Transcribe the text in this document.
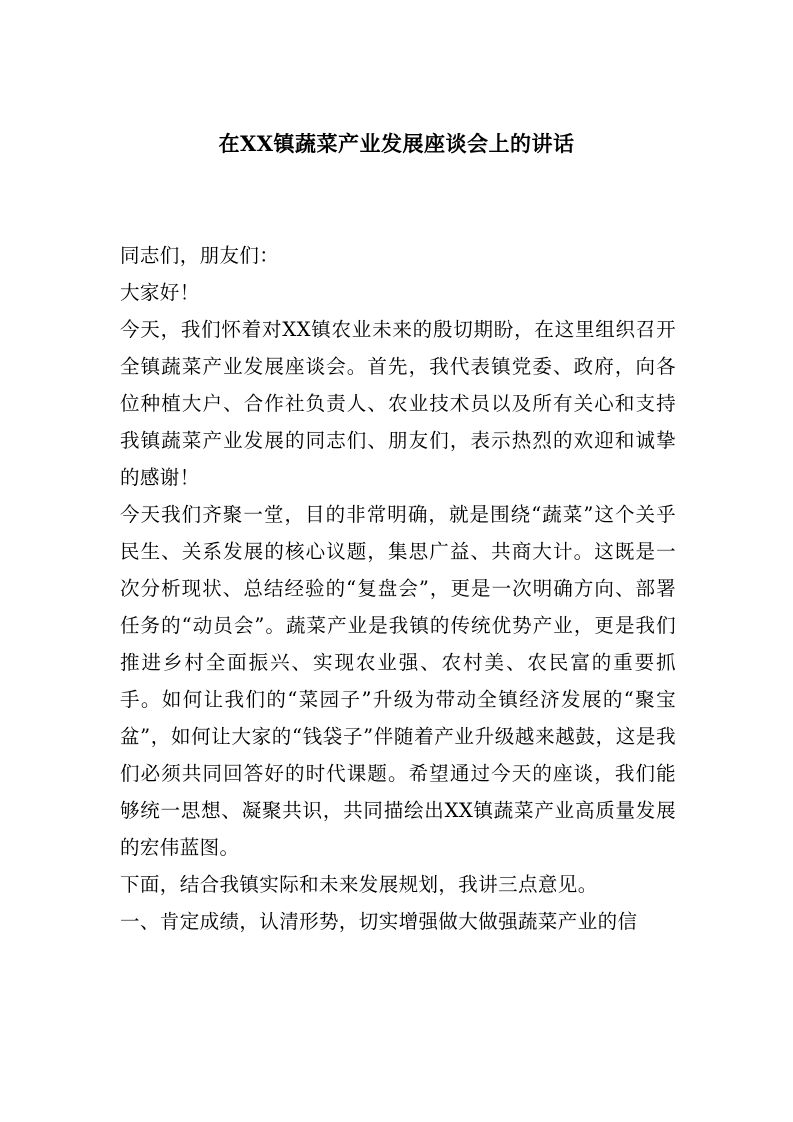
在XX镇蔬菜产业发展座谈会上的讲话

同志们，朋友们：

大家好！

今天，我们怀着对XX镇农业未来的殷切期盼，在这里组织召开全镇蔬菜产业发展座谈会。首先，我代表镇党委、政府，向各位种植大户、合作社负责人、农业技术员以及所有关心和支持我镇蔬菜产业发展的同志们、朋友们，表示热烈的欢迎和诚挚的感谢！

今天我们齐聚一堂，目的非常明确，就是围绕“蔬菜”这个关乎民生、关系发展的核心议题，集思广益、共商大计。这既是一次分析现状、总结经验的“复盘会”，更是一次明确方向、部署任务的“动员会”。蔬菜产业是我镇的传统优势产业，更是我们推进乡村全面振兴、实现农业强、农村美、农民富的重要抓手。如何让我们的“菜园子”升级为带动全镇经济发展的“聚宝盆”，如何让大家的“钱袋子”伴随着产业升级越来越鼓，这是我们必须共同回答好的时代课题。希望通过今天的座谈，我们能够统一思想、凝聚共识，共同描绘出XX镇蔬菜产业高质量发展的宏伟蓝图。

下面，结合我镇实际和未来发展规划，我讲三点意见。

一、肯定成绩，认清形势，切实增强做大做强蔬菜产业的信
